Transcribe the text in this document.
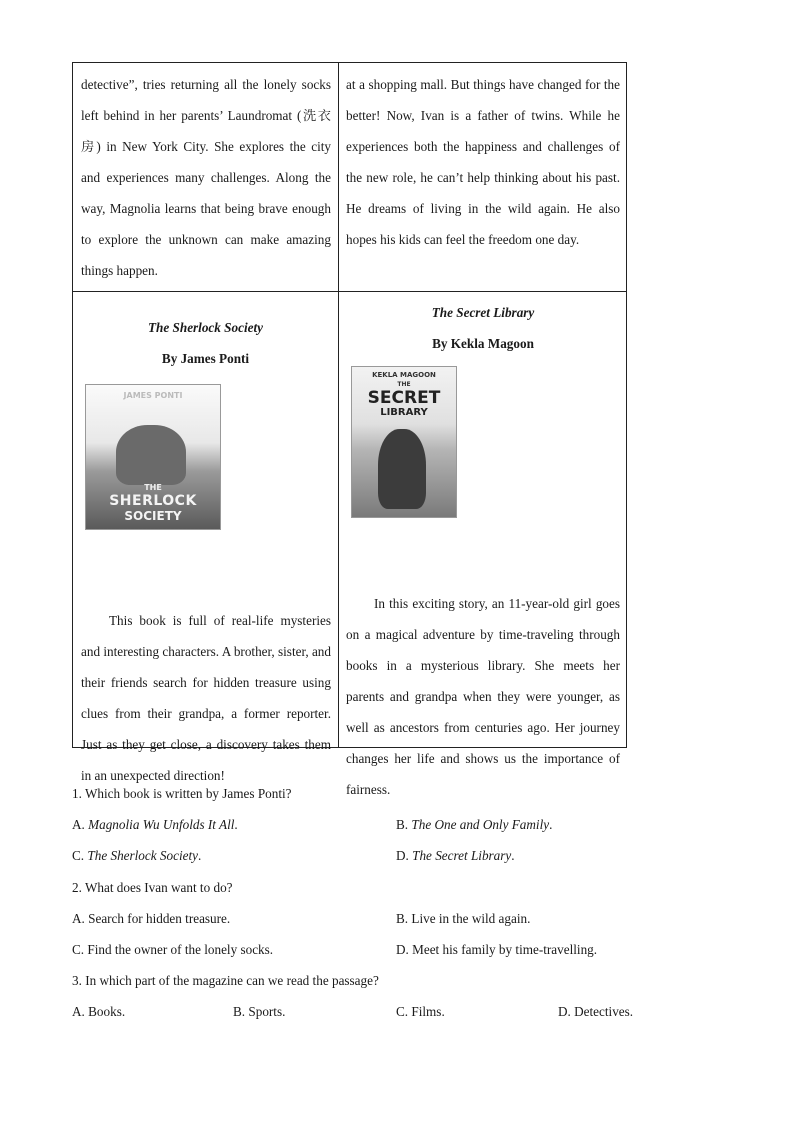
detective”, tries returning all the lonely socks left behind in her parents’ Laundromat (洗衣房) in New York City. She explores the city and experiences many challenges. Along the way, Magnolia learns that being brave enough to explore the unknown can make amazing things happen.

at a shopping mall. But things have changed for the better! Now, Ivan is a father of twins. While he experiences both the happiness and challenges of the new role, he can’t help thinking about his past. He dreams of living in the wild again. He also hopes his kids can feel the freedom one day.

The Sherlock Society
By James Ponti
JAMES PONTI
THE
SHERLOCK
SOCIETY

This book is full of real-life mysteries and interesting characters. A brother, sister, and their friends search for hidden treasure using clues from their grandpa, a former reporter. Just as they get close, a discovery takes them in an unexpected direction!

The Secret Library
By Kekla Magoon
KEKLA MAGOON
THE
SECRET
LIBRARY

In this exciting story, an 11-year-old girl goes on a magical adventure by time-traveling through books in a mysterious library. She meets her parents and grandpa when they were younger, as well as ancestors from centuries ago. Her journey changes her life and shows us the importance of fairness.

1. Which book is written by James Ponti?
A. Magnolia Wu Unfolds It All.	B. The One and Only Family.
C. The Sherlock Society.	D. The Secret Library.
2. What does Ivan want to do?
A. Search for hidden treasure.	B. Live in the wild again.
C. Find the owner of the lonely socks.	D. Meet his family by time-travelling.
3. In which part of the magazine can we read the passage?
A. Books.	B. Sports.	C. Films.	D. Detectives.
